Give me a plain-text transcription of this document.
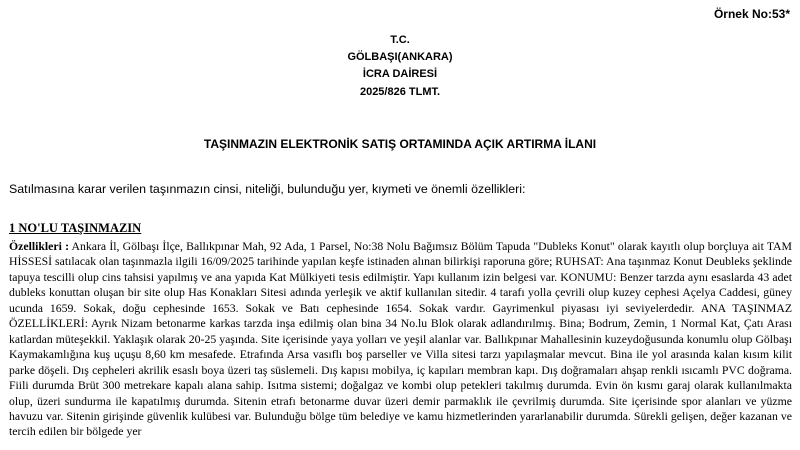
Örnek No:53*
T.C.
GÖLBAŞI(ANKARA)
İCRA DAİRESİ
2025/826 TLMT.
TAŞINMAZIN ELEKTRONİK SATIŞ ORTAMINDA AÇIK ARTIRMA İLANI
Satılmasına karar verilen taşınmazın cinsi, niteliği, bulunduğu yer, kıymeti ve önemli özellikleri:
1 NO'LU TAŞINMAZIN
Özellikleri : Ankara İl, Gölbaşı İlçe, Ballıkpınar Mah, 92 Ada, 1 Parsel, No:38 Nolu Bağımsız Bölüm Tapuda "Dubleks Konut" olarak kayıtlı olup borçluya ait TAM HİSSESİ satılacak olan taşınmazla ilgili 16/09/2025 tarihinde yapılan keşfe istinaden alınan bilirkişi raporuna göre; RUHSAT: Ana taşınmaz Konut Deubleks şeklinde tapuya tescilli olup cins tahsisi yapılmış ve ana yapıda Kat Mülkiyeti tesis edilmiştir. Yapı kullanım izin belgesi var. KONUMU: Benzer tarzda aynı esaslarda 43 adet dubleks konuttan oluşan bir site olup Has Konakları Sitesi adında yerleşik ve aktif kullanılan sitedir. 4 tarafı yolla çevrili olup kuzey cephesi Açelya Caddesi, güney ucunda 1659. Sokak, doğu cephesinde 1653. Sokak ve Batı cephesinde 1654. Sokak vardır. Gayrimenkul piyasası iyi seviyelerdedir. ANA TAŞINMAZ ÖZELLİKLERİ: Ayrık Nizam betonarme karkas tarzda inşa edilmiş olan bina 34 No.lu Blok olarak adlandırılmış. Bina; Bodrum, Zemin, 1 Normal Kat, Çatı Arası katlardan müteşekkil. Yaklaşık olarak 20-25 yaşında. Site içerisinde yaya yolları ve yeşil alanlar var. Ballıkpınar Mahallesinin kuzeydoğusunda konumlu olup Gölbaşı Kaymakamlığına kuş uçuşu 8,60 km mesafede. Etrafında Arsa vasıflı boş parseller ve Villa sitesi tarzı yapılaşmalar mevcut. Bina ile yol arasında kalan kısım kilit parke döşeli. Dış cepheleri akrilik esaslı boya üzeri taş süslemeli. Dış kapısı mobilya, iç kapıları membran kapı. Dış doğramaları ahşap renkli ısıcamlı PVC doğrama. Fiili durumda Brüt 300 metrekare kapalı alana sahip. Isıtma sistemi; doğalgaz ve kombi olup petekleri takılmış durumda. Evin ön kısmı garaj olarak kullanılmakta olup, üzeri sundurma ile kapatılmış durumda. Sitenin etrafı betonarme duvar üzeri demir parmaklık ile çevrilmiş durumda. Site içerisinde spor alanları ve yüzme havuzu var. Sitenin girişinde güvenlik kulübesi var. Bulunduğu bölge tüm belediye ve kamu hizmetlerinden yararlanabilir durumda. Sürekli gelişen, değer kazanan ve tercih edilen bir bölgede yer
